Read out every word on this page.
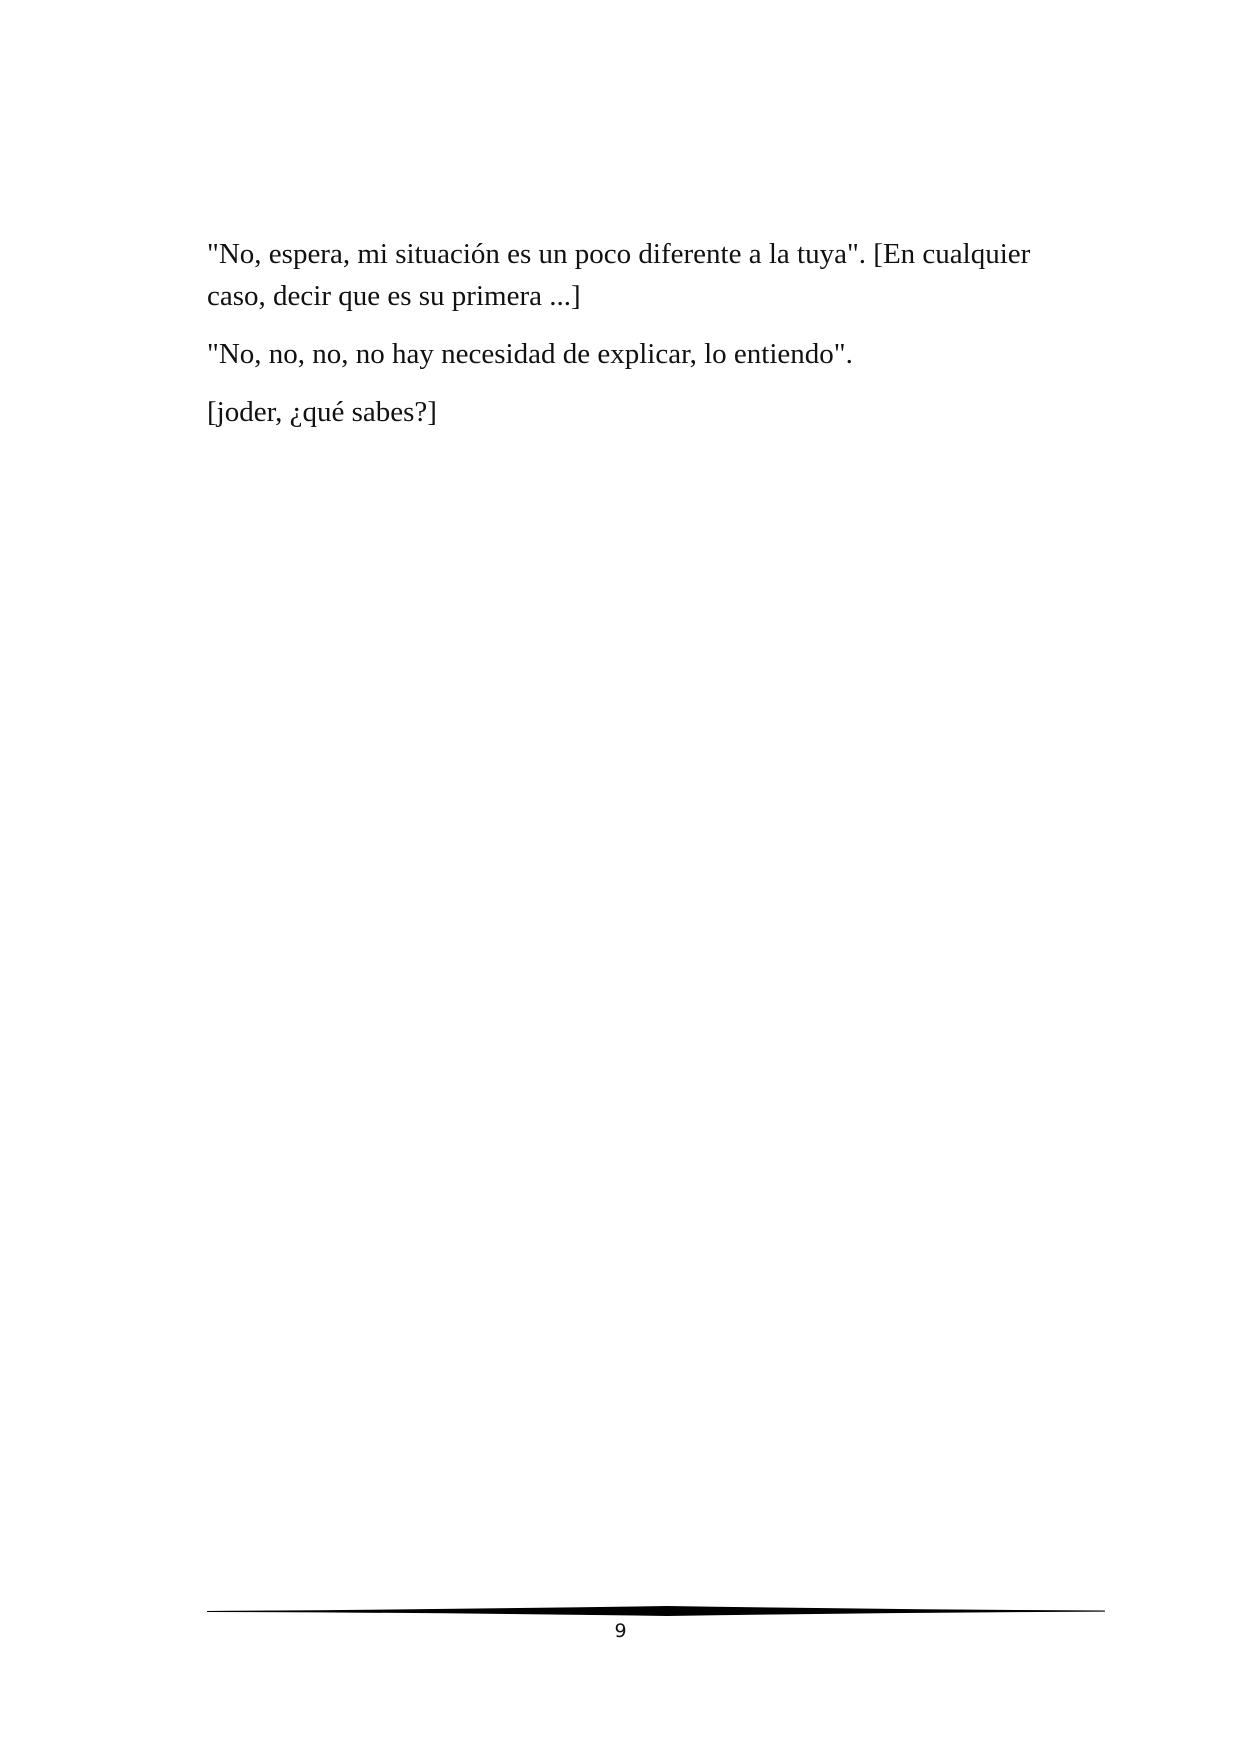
"No, espera, mi situación es un poco diferente a la tuya". [En cualquier caso, decir que es su primera ...]

"No, no, no, no hay necesidad de explicar, lo entiendo".

[joder, ¿qué sabes?]

9
